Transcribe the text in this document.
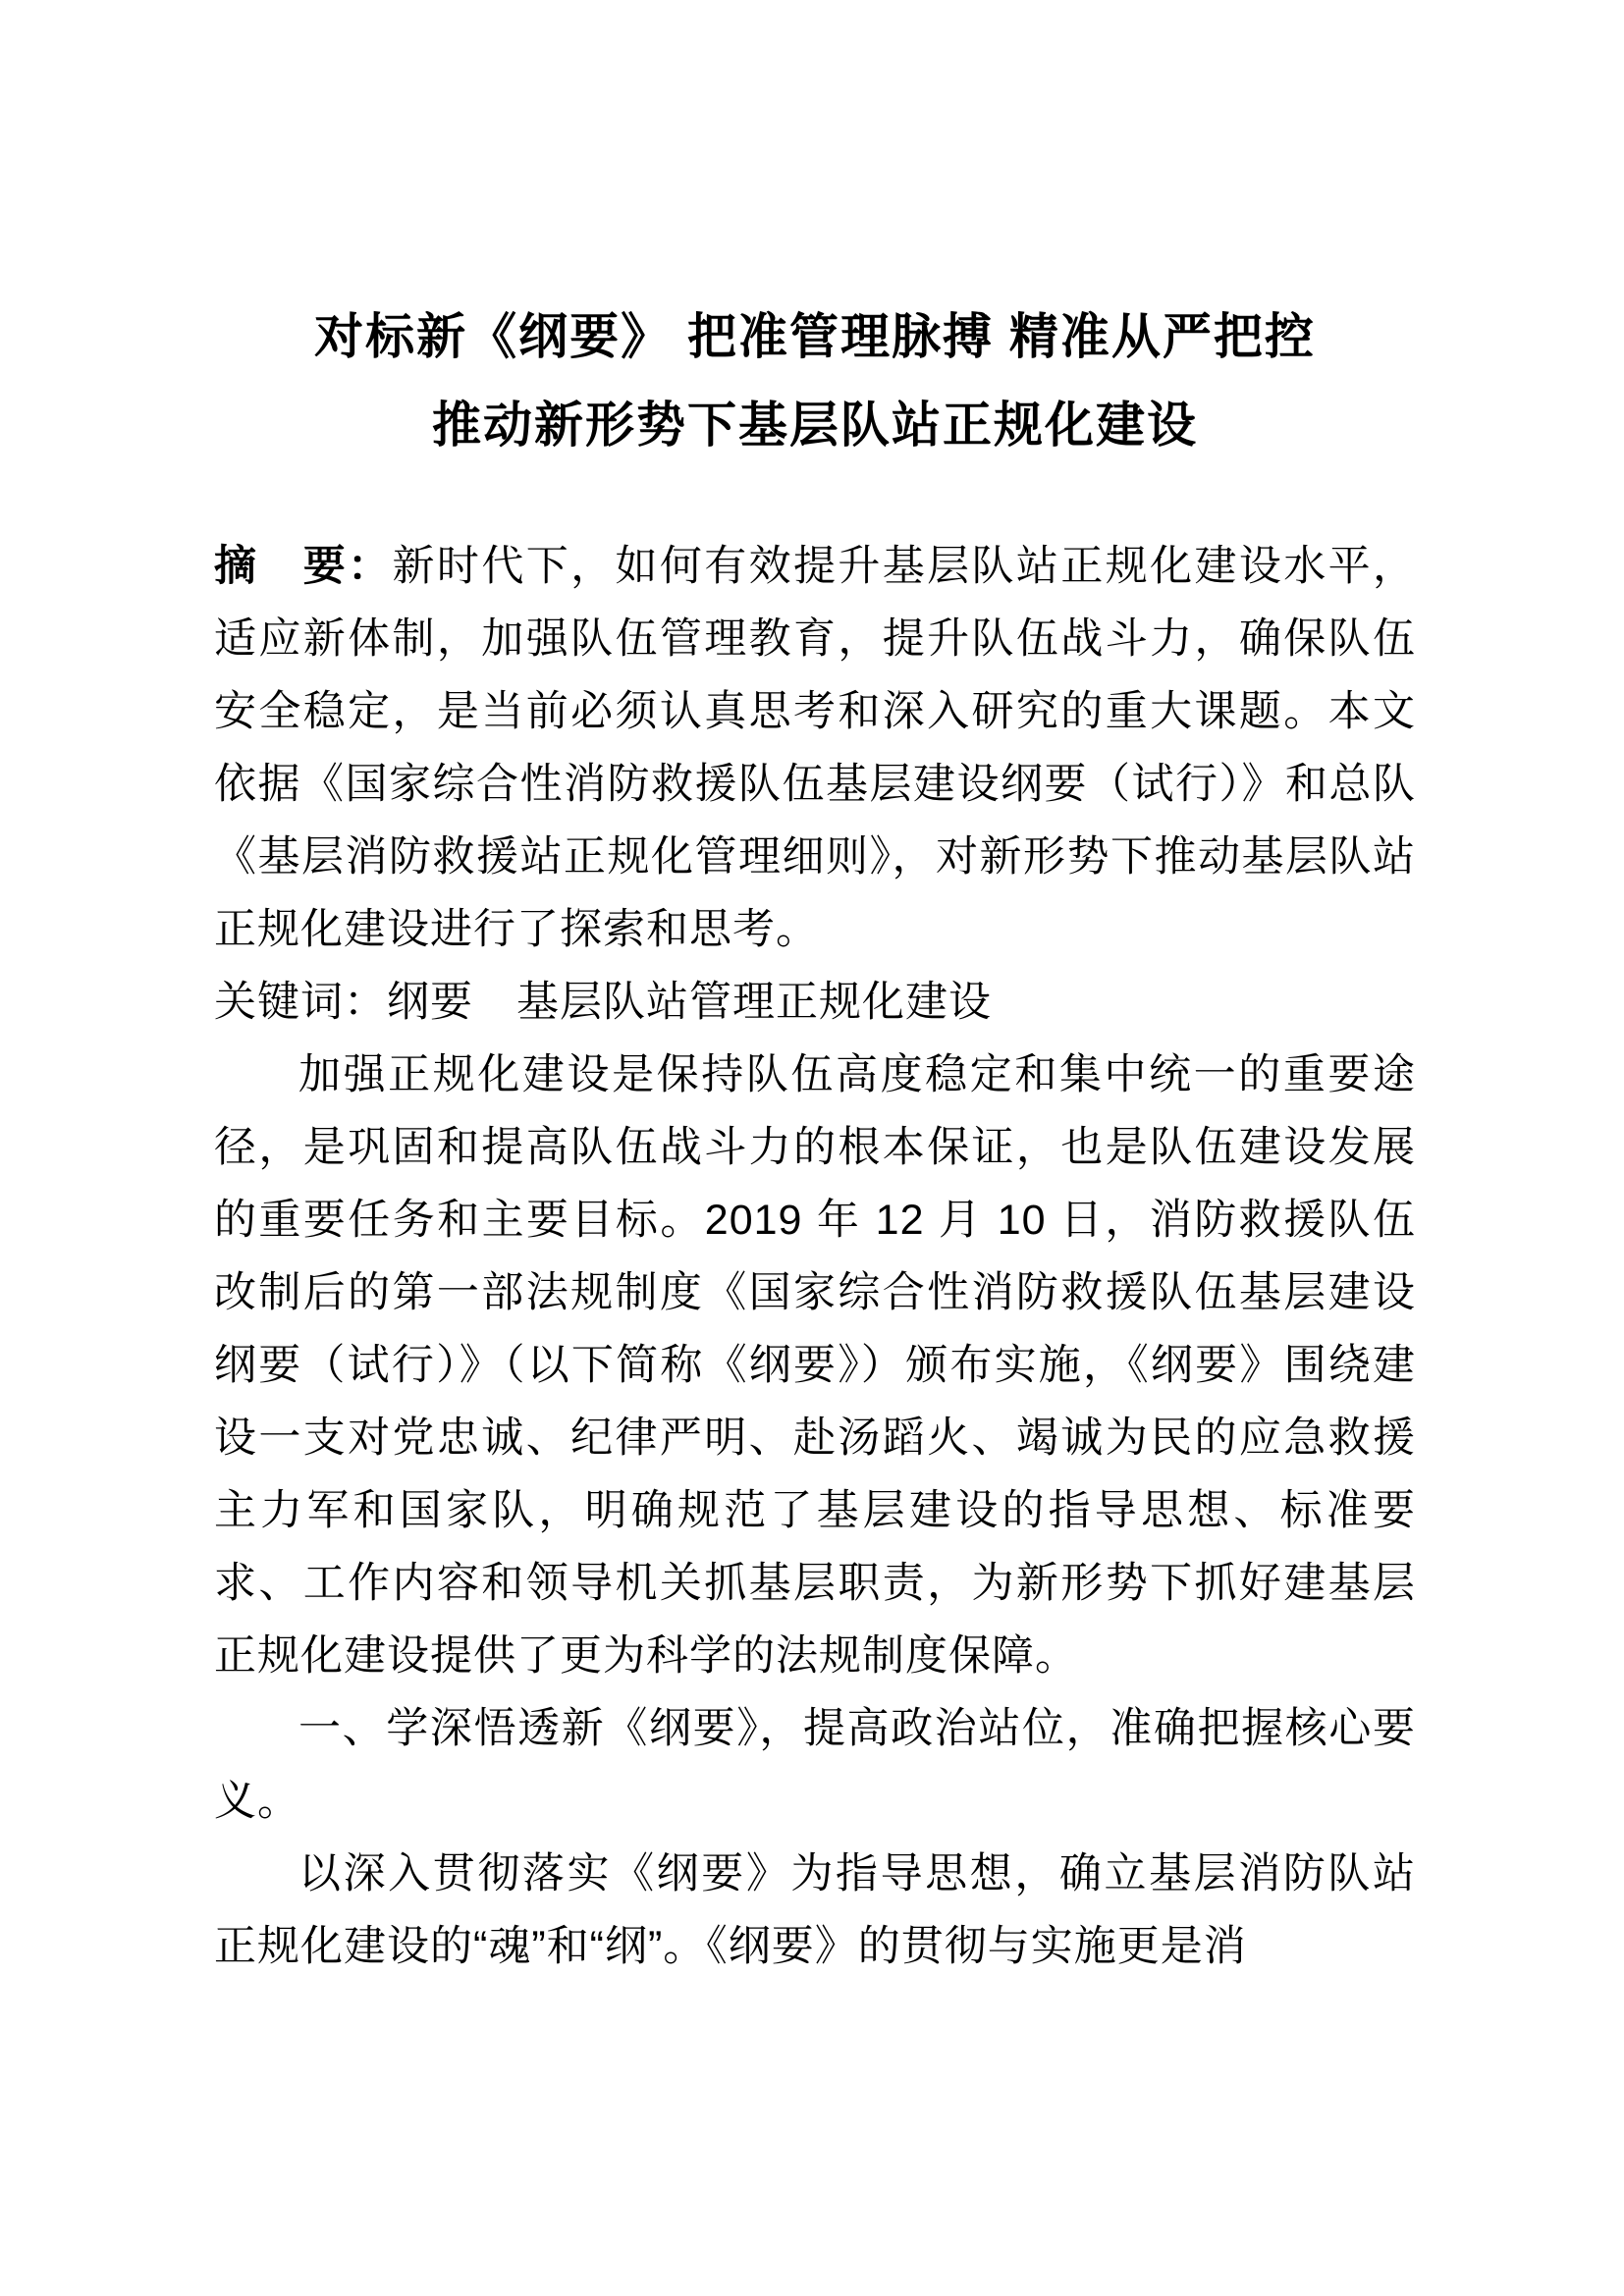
对标新《纲要》 把准管理脉搏 精准从严把控
推动新形势下基层队站正规化建设

摘　要：新时代下，如何有效提升基层队站正规化建设水平，适应新体制，加强队伍管理教育，提升队伍战斗力，确保队伍安全稳定，是当前必须认真思考和深入研究的重大课题。本文依据《国家综合性消防救援队伍基层建设纲要（试行）》和总队《基层消防救援站正规化管理细则》，对新形势下推动基层队站正规化建设进行了探索和思考。

关键词：纲要　基层队站管理正规化建设

加强正规化建设是保持队伍高度稳定和集中统一的重要途径，是巩固和提高队伍战斗力的根本保证，也是队伍建设发展的重要任务和主要目标。2019 年 12 月 10 日，消防救援队伍改制后的第一部法规制度《国家综合性消防救援队伍基层建设纲要（试行）》（以下简称《纲要》）颁布实施，《纲要》围绕建设一支对党忠诚、纪律严明、赴汤蹈火、竭诚为民的应急救援主力军和国家队，明确规范了基层建设的指导思想、标准要求、工作内容和领导机关抓基层职责，为新形势下抓好建基层正规化建设提供了更为科学的法规制度保障。

一、学深悟透新《纲要》，提高政治站位，准确把握核心要义。

以深入贯彻落实《纲要》为指导思想，确立基层消防队站正规化建设的“魂”和“纲”。《纲要》的贯彻与实施更是消
